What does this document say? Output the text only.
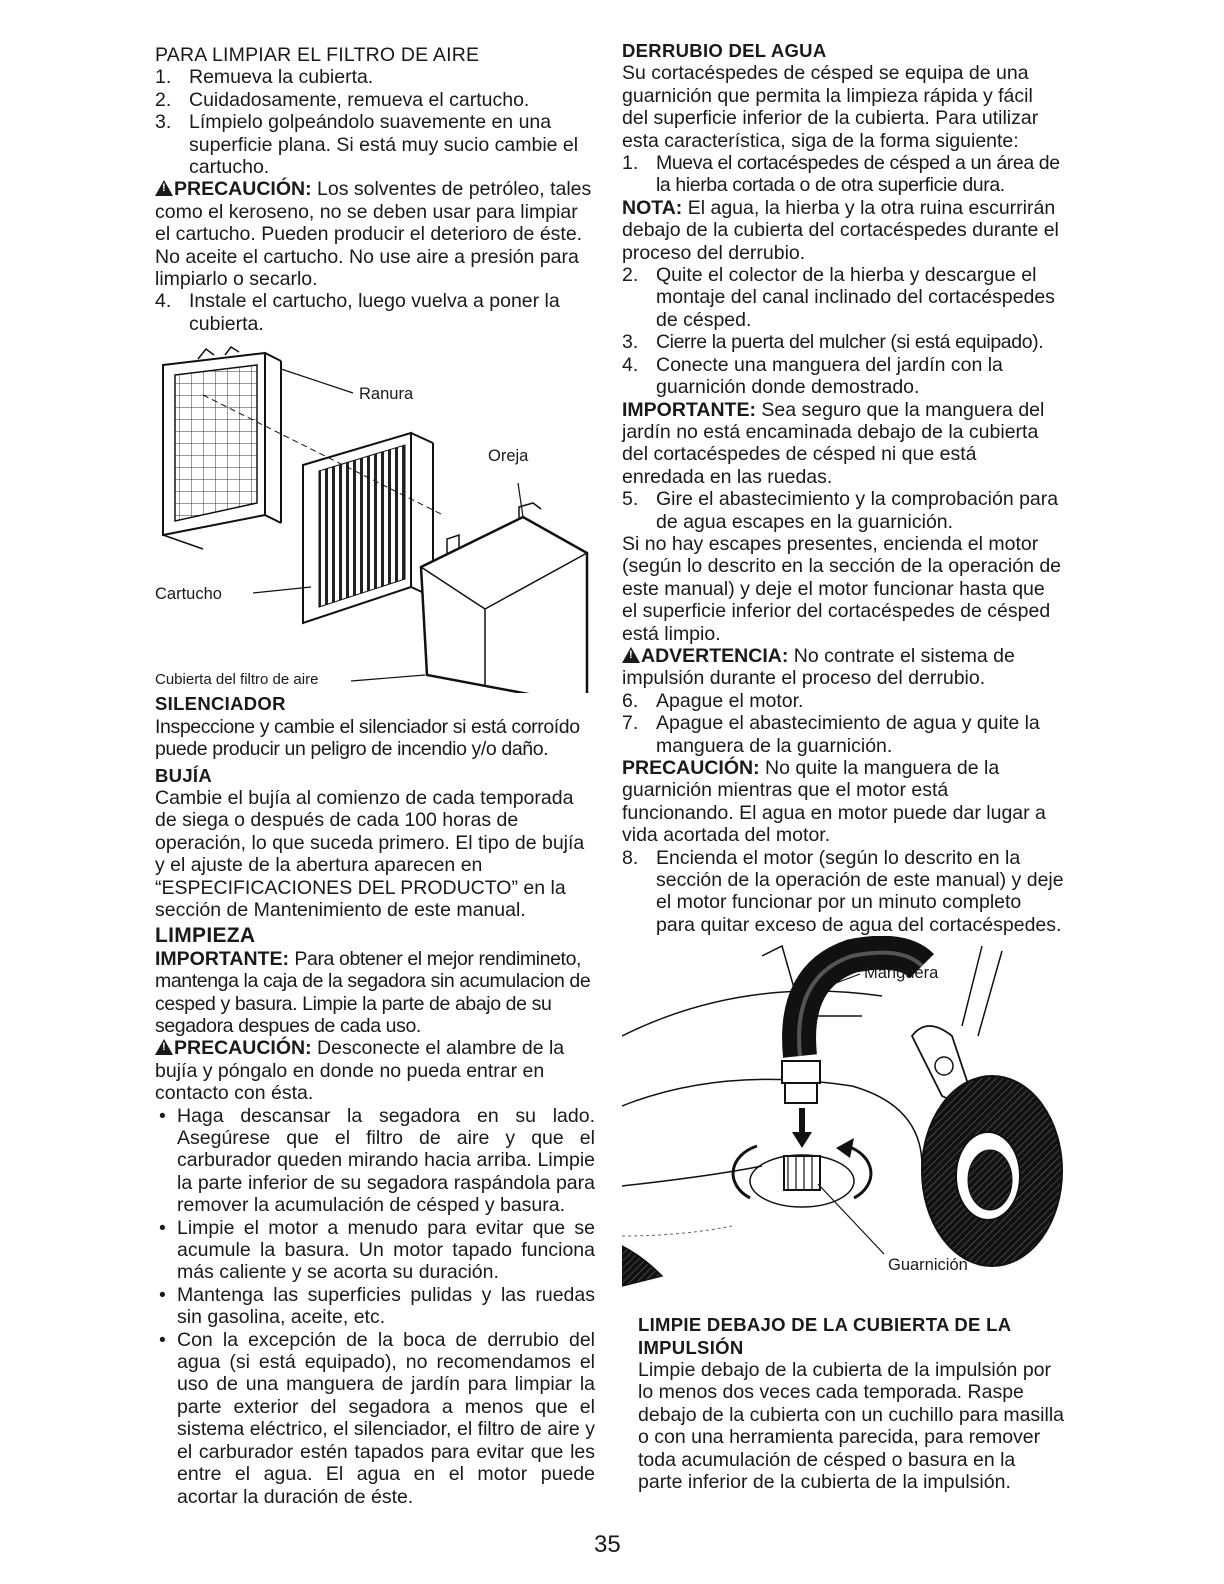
PARA LIMPIAR EL FILTRO DE AIRE

1. Remueva la cubierta.
2. Cuidadosamente, remueva el cartucho.
3. Límpielo golpeándolo suavemente en una superficie plana. Si está muy sucio cambie el cartucho.

!PRECAUCIÓN: Los solventes de petróleo, tales como el keroseno, no se deben usar para limpiar el cartucho. Pueden producir el deterioro de éste. No aceite el cartucho. No use aire a presión para limpiarlo o secarlo.

4. Instale el cartucho, luego vuelva a poner la cubierta.
Ranura
Oreja
Cartucho
Cubierta del filtro de aire

SILENCIADOR

Inspeccione y cambie el silenciador si está corroído puede producir un peligro de incendio y/o daño.

BUJÍA

Cambie el bujía al comienzo de cada temporada de siega o después de cada 100 horas de operación, lo que suceda primero. El tipo de bujía y el ajuste de la abertura aparecen en “ESPECIFICACIONES DEL PRODUCTO” en la sección de Mantenimiento de este manual.

LIMPIEZA

IMPORTANTE: Para obtener el mejor rendimineto, mantenga la caja de la segadora sin acumulacion de cesped y basura. Limpie la parte de abajo de su segadora despues de cada uso.

!PRECAUCIÓN: Desconecte el alambre de la bujía y póngalo en donde no pueda entrar en contacto con ésta.

• Haga descansar la segadora en su lado. Asegúrese que el filtro de aire y que el carburador queden mirando hacia arriba. Limpie la parte inferior de su segadora raspándola para remover la acumulación de césped y basura.
• Limpie el motor a menudo para evitar que se acumule la basura. Un motor tapado funciona más caliente y se acorta su duración.
• Mantenga las superficies pulidas y las ruedas sin gasolina, aceite, etc.
• Con la excepción de la boca de derrubio del agua (si está equipado), no recomendamos el uso de una manguera de jardín para limpiar la parte exterior del segadora a menos que el sistema eléctrico, el silenciador, el filtro de aire y el carburador estén tapados para evitar que les entre el agua. El agua en el motor puede acortar la duración de éste.

DERRUBIO DEL AGUA

Su cortacéspedes de césped se equipa de una guarnición que permita la limpieza rápida y fácil del superficie inferior de la cubierta. Para utilizar esta característica, siga de la forma siguiente:

1. Mueva el cortacéspedes de césped a un área de la hierba cortada o de otra superficie dura.

NOTA: El agua, la hierba y la otra ruina escurrirán debajo de la cubierta del cortacéspedes durante el proceso del derrubio.

2. Quite el colector de la hierba y descargue el montaje del canal inclinado del cortacéspedes de césped.
3. Cierre la puerta del mulcher (si está equipado).
4. Conecte una manguera del jardín con la guarnición donde demostrado.

IMPORTANTE: Sea seguro que la manguera del jardín no está encaminada debajo de la cubierta del cortacéspedes de césped ni que está enredada en las ruedas.

5. Gire el abastecimiento y la comprobación para de agua escapes en la guarnición.

Si no hay escapes presentes, encienda el motor (según lo descrito en la sección de la operación de este manual) y deje el motor funcionar hasta que el superficie inferior del cortacéspedes de césped está limpio.

!ADVERTENCIA: No contrate el sistema de impulsión durante el proceso del derrubio.

6. Apague el motor.
7. Apague el abastecimiento de agua y quite la manguera de la guarnición.

PRECAUCIÓN: No quite la manguera de la guarnición mientras que el motor está funcionando. El agua en motor puede dar lugar a vida acortada del motor.

8. Encienda el motor (según lo descrito en la sección de la operación de este manual) y deje el motor funcionar por un minuto completo para quitar exceso de agua del cortacéspedes.
Manguera
Guarnición

LIMPIE DEBAJO DE LA CUBIERTA DE LA IMPULSIÓN

Limpie debajo de la cubierta de la impulsión por lo menos dos veces cada temporada. Raspe debajo de la cubierta con un cuchillo para masilla o con una herramienta parecida, para remover toda acumulación de césped o basura en la parte inferior de la cubierta de la impulsión.

35
